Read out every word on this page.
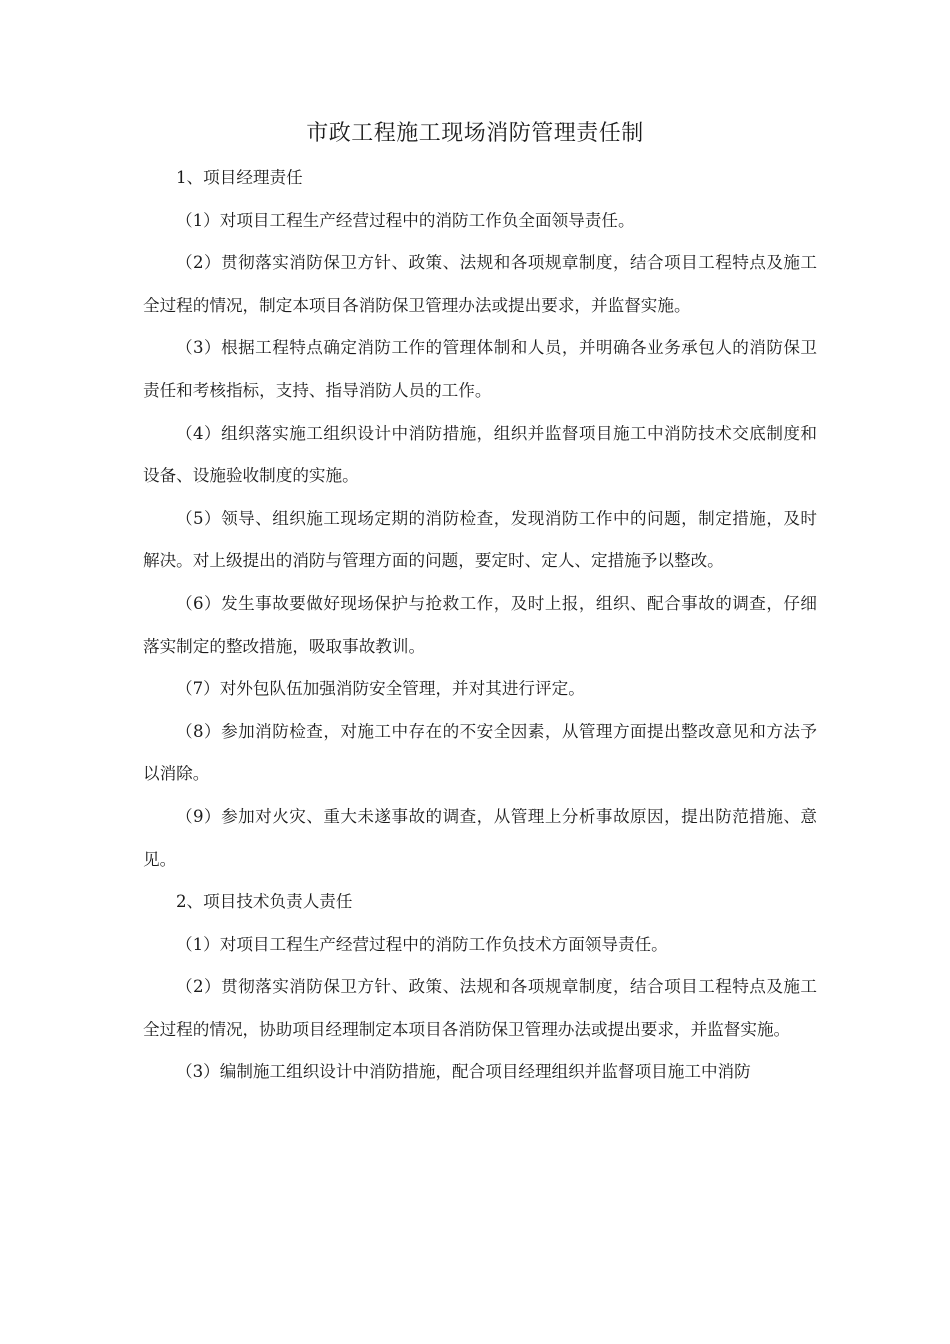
市政工程施工现场消防管理责任制

1、项目经理责任

（1）对项目工程生产经营过程中的消防工作负全面领导责任。

（2）贯彻落实消防保卫方针、政策、法规和各项规章制度，结合项目工程特点及施工全过程的情况，制定本项目各消防保卫管理办法或提出要求，并监督实施。

（3）根据工程特点确定消防工作的管理体制和人员，并明确各业务承包人的消防保卫责任和考核指标，支持、指导消防人员的工作。

（4）组织落实施工组织设计中消防措施，组织并监督项目施工中消防技术交底制度和设备、设施验收制度的实施。

（5）领导、组织施工现场定期的消防检查，发现消防工作中的问题，制定措施，及时解决。对上级提出的消防与管理方面的问题，要定时、定人、定措施予以整改。

（6）发生事故要做好现场保护与抢救工作，及时上报，组织、配合事故的调查，仔细落实制定的整改措施，吸取事故教训。

（7）对外包队伍加强消防安全管理，并对其进行评定。

（8）参加消防检查，对施工中存在的不安全因素，从管理方面提出整改意见和方法予以消除。

（9）参加对火灾、重大未遂事故的调查，从管理上分析事故原因，提出防范措施、意见。

2、项目技术负责人责任

（1）对项目工程生产经营过程中的消防工作负技术方面领导责任。

（2）贯彻落实消防保卫方针、政策、法规和各项规章制度，结合项目工程特点及施工全过程的情况，协助项目经理制定本项目各消防保卫管理办法或提出要求，并监督实施。

（3）编制施工组织设计中消防措施，配合项目经理组织并监督项目施工中消防
